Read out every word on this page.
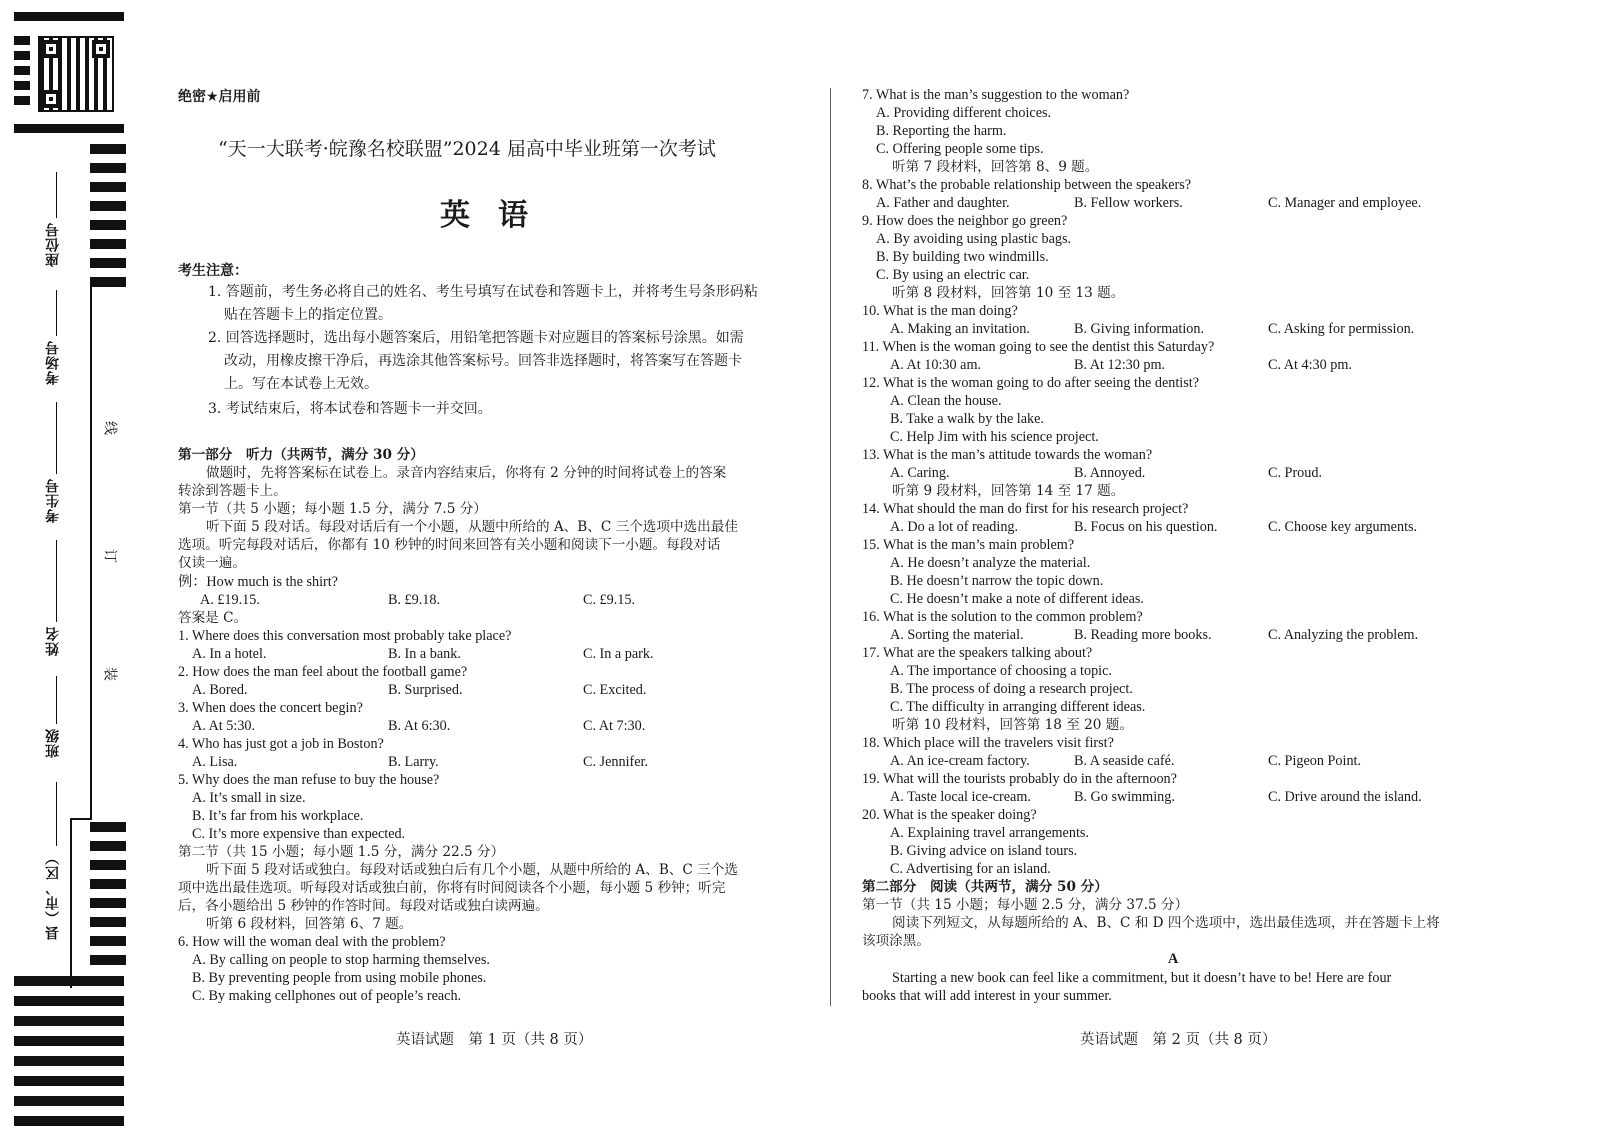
座位号
考场号
考生号
姓名
班级
县（市、区）
线
订
装
绝密★启用前
“天一大联考·皖豫名校联盟”2024 届高中毕业班第一次考试
英语
考生注意：
1. 答题前，考生务必将自己的姓名、考生号填写在试卷和答题卡上，并将考生号条形码粘
贴在答题卡上的指定位置。
2. 回答选择题时，选出每小题答案后，用铅笔把答题卡对应题目的答案标号涂黑。如需
改动，用橡皮擦干净后，再选涂其他答案标号。回答非选择题时，将答案写在答题卡
上。写在本试卷上无效。
3. 考试结束后，将本试卷和答题卡一并交回。
第一部分　听力（共两节，满分 30 分）
做题时，先将答案标在试卷上。录音内容结束后，你将有 2 分钟的时间将试卷上的答案
转涂到答题卡上。
第一节（共 5 小题；每小题 1.5 分，满分 7.5 分）
听下面 5 段对话。每段对话后有一个小题，从题中所给的 A、B、C 三个选项中选出最佳
选项。听完每段对话后，你都有 10 秒钟的时间来回答有关小题和阅读下一小题。每段对话
仅读一遍。
例：How much is the shirt?
A. £19.15.	B. £9.18.	C. £9.15.
答案是 C。
1. Where does this conversation most probably take place?
A. In a hotel.	B. In a bank.	C. In a park.
2. How does the man feel about the football game?
A. Bored.	B. Surprised.	C. Excited.
3. When does the concert begin?
A. At 5:30.	B. At 6:30.	C. At 7:30.
4. Who has just got a job in Boston?
A. Lisa.	B. Larry.	C. Jennifer.
5. Why does the man refuse to buy the house?
A. It’s small in size.
B. It’s far from his workplace.
C. It’s more expensive than expected.
第二节（共 15 小题；每小题 1.5 分，满分 22.5 分）
听下面 5 段对话或独白。每段对话或独白后有几个小题，从题中所给的 A、B、C 三个选
项中选出最佳选项。听每段对话或独白前，你将有时间阅读各个小题，每小题 5 秒钟；听完
后，各小题给出 5 秒钟的作答时间。每段对话或独白读两遍。
听第 6 段材料，回答第 6、7 题。
6. How will the woman deal with the problem?
A. By calling on people to stop harming themselves.
B. By preventing people from using mobile phones.
C. By making cellphones out of people’s reach.
英语试题　第 1 页（共 8 页）
7. What is the man’s suggestion to the woman?
A. Providing different choices.
B. Reporting the harm.
C. Offering people some tips.
听第 7 段材料，回答第 8、9 题。
8. What’s the probable relationship between the speakers?
A. Father and daughter.	B. Fellow workers.	C. Manager and employee.
9. How does the neighbor go green?
A. By avoiding using plastic bags.
B. By building two windmills.
C. By using an electric car.
听第 8 段材料，回答第 10 至 13 题。
10. What is the man doing?
A. Making an invitation.	B. Giving information.	C. Asking for permission.
11. When is the woman going to see the dentist this Saturday?
A. At 10:30 am.	B. At 12:30 pm.	C. At 4:30 pm.
12. What is the woman going to do after seeing the dentist?
A. Clean the house.
B. Take a walk by the lake.
C. Help Jim with his science project.
13. What is the man’s attitude towards the woman?
A. Caring.	B. Annoyed.	C. Proud.
听第 9 段材料，回答第 14 至 17 题。
14. What should the man do first for his research project?
A. Do a lot of reading.	B. Focus on his question.	C. Choose key arguments.
15. What is the man’s main problem?
A. He doesn’t analyze the material.
B. He doesn’t narrow the topic down.
C. He doesn’t make a note of different ideas.
16. What is the solution to the common problem?
A. Sorting the material.	B. Reading more books.	C. Analyzing the problem.
17. What are the speakers talking about?
A. The importance of choosing a topic.
B. The process of doing a research project.
C. The difficulty in arranging different ideas.
听第 10 段材料，回答第 18 至 20 题。
18. Which place will the travelers visit first?
A. An ice-cream factory.	B. A seaside café.	C. Pigeon Point.
19. What will the tourists probably do in the afternoon?
A. Taste local ice-cream.	B. Go swimming.	C. Drive around the island.
20. What is the speaker doing?
A. Explaining travel arrangements.
B. Giving advice on island tours.
C. Advertising for an island.
第二部分　阅读（共两节，满分 50 分）
第一节（共 15 小题；每小题 2.5 分，满分 37.5 分）
阅读下列短文，从每题所给的 A、B、C 和 D 四个选项中，选出最佳选项，并在答题卡上将
该项涂黑。
A
Starting a new book can feel like a commitment, but it doesn’t have to be! Here are four
books that will add interest in your summer.
英语试题　第 2 页（共 8 页）
